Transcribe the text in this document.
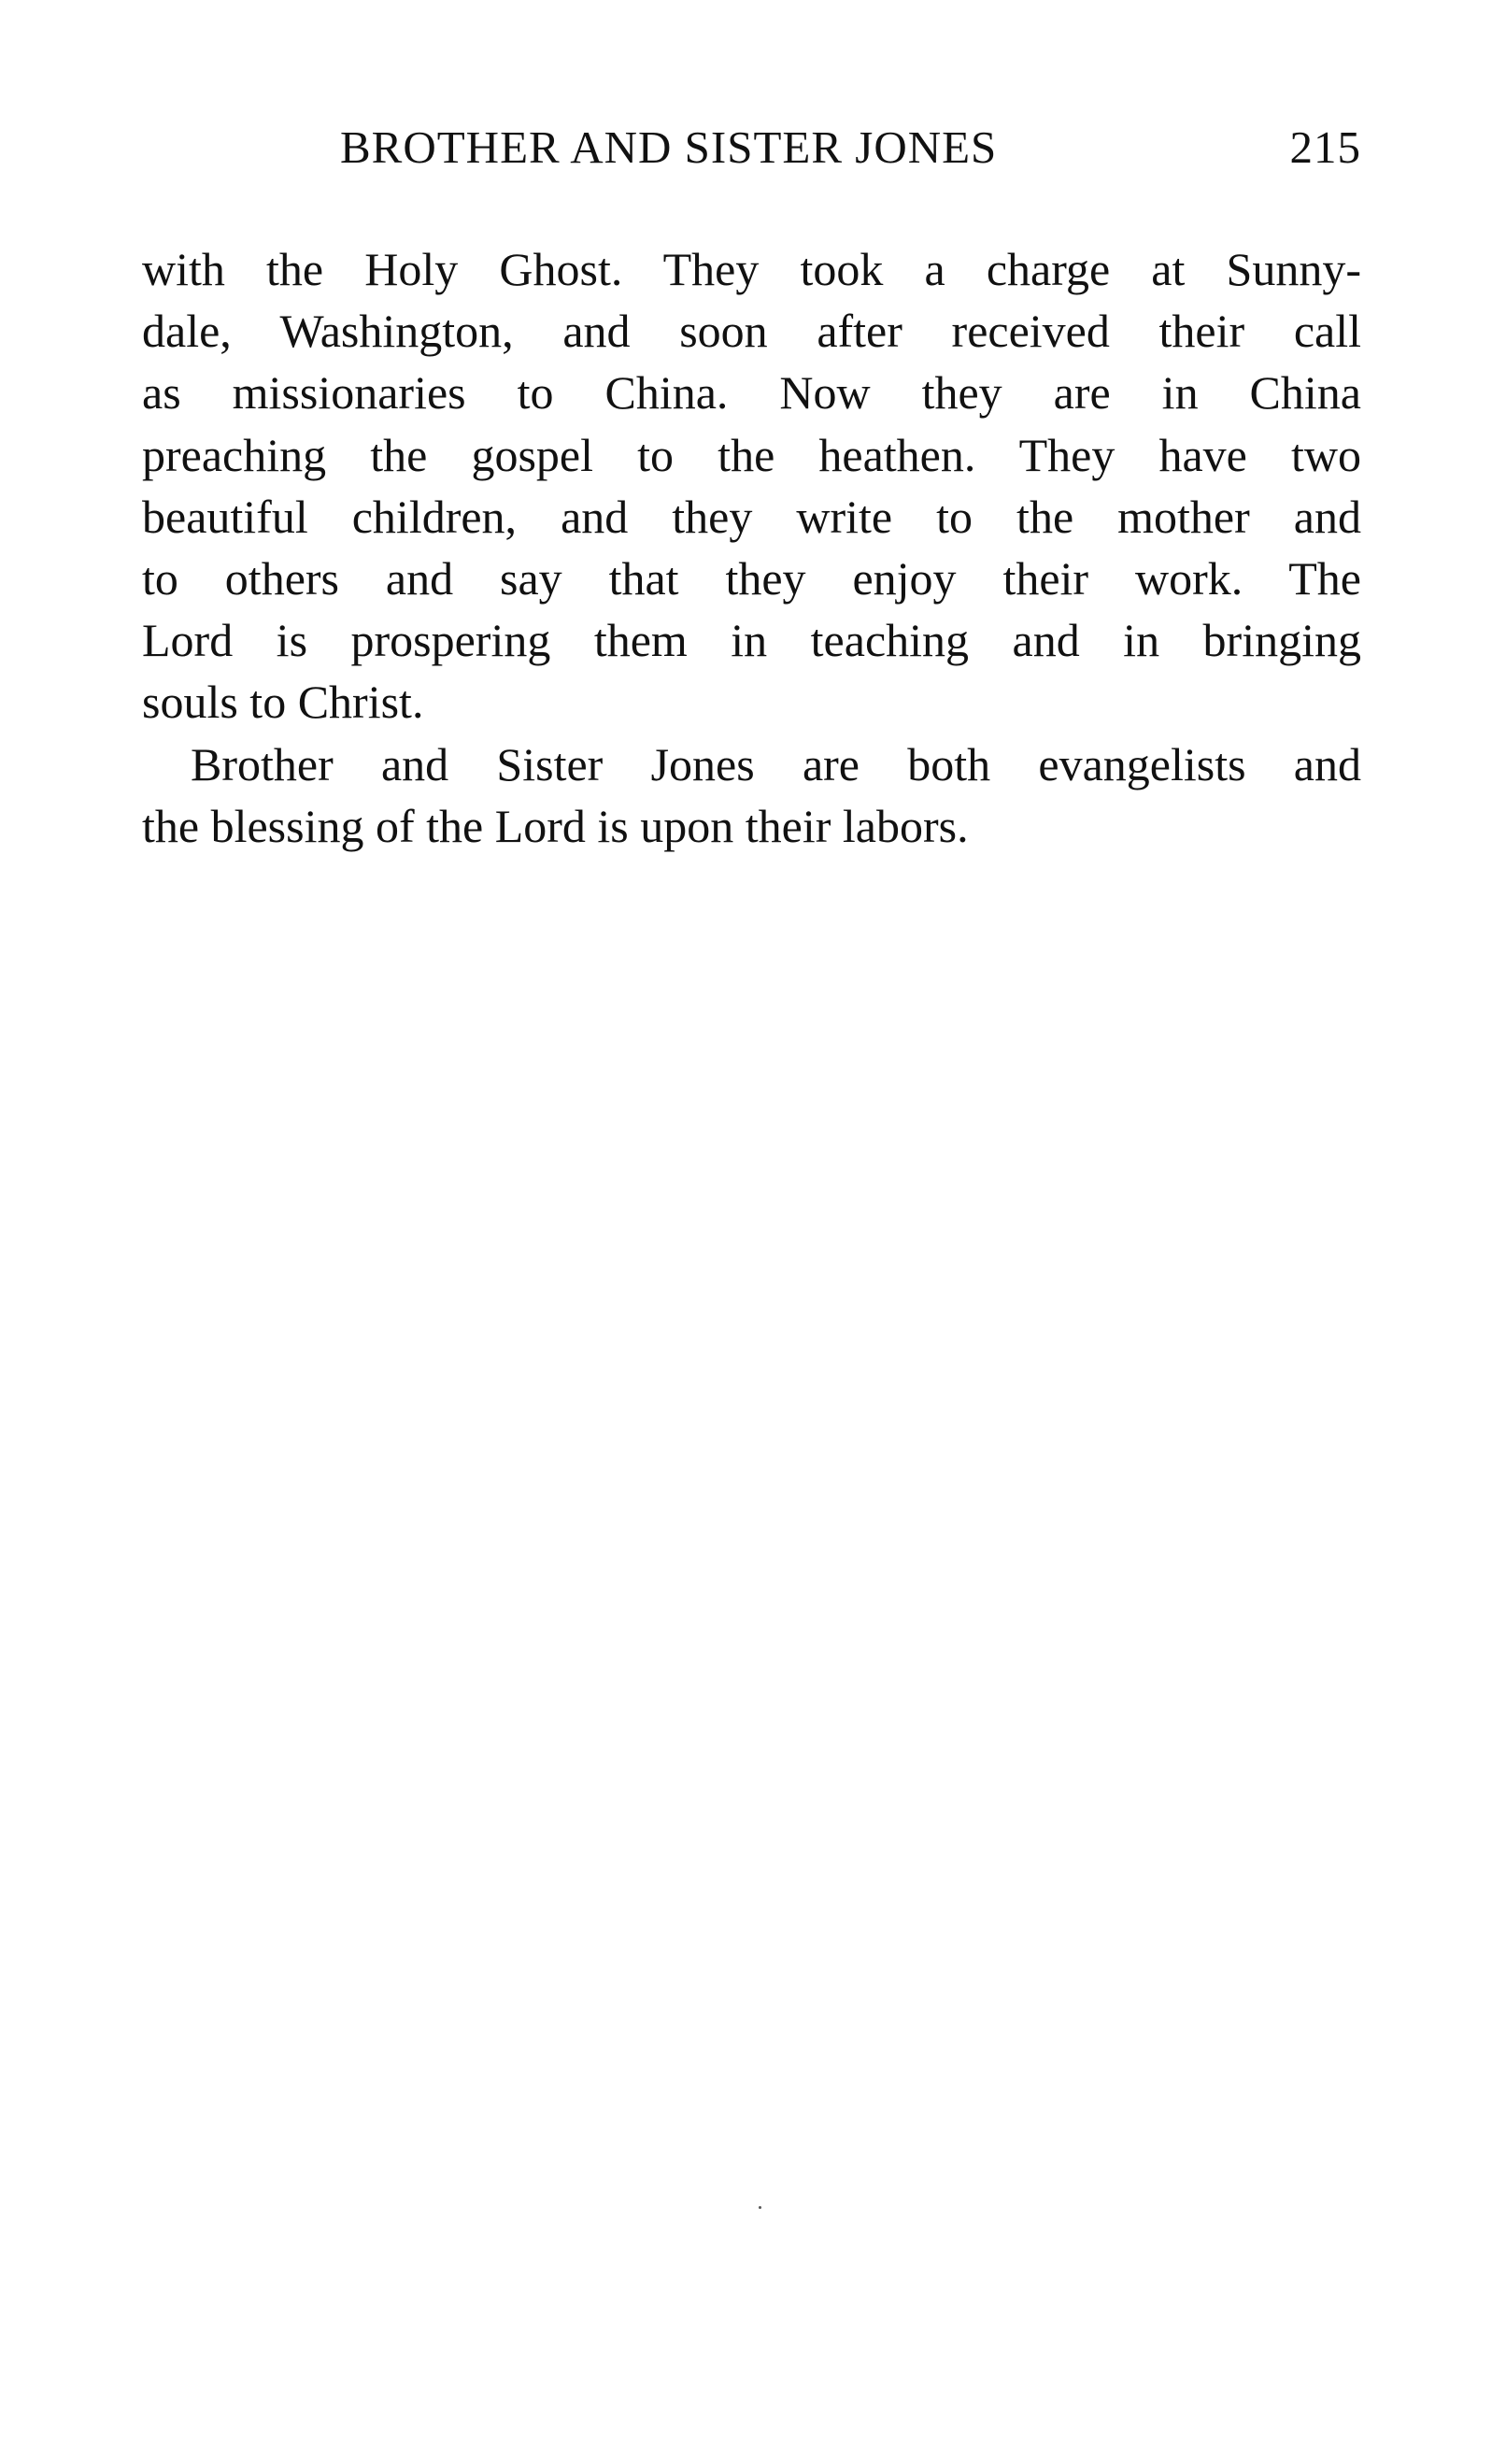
BROTHER AND SISTER JONES	215
with the Holy Ghost. They took a charge at Sunny-
dale, Washington, and soon after received their call
as missionaries to China. Now they are in China
preaching the gospel to the heathen. They have two
beautiful children, and they write to the mother and
to others and say that they enjoy their work. The
Lord is prospering them in teaching and in bringing
souls to Christ.
Brother and Sister Jones are both evangelists and
the blessing of the Lord is upon their labors.
